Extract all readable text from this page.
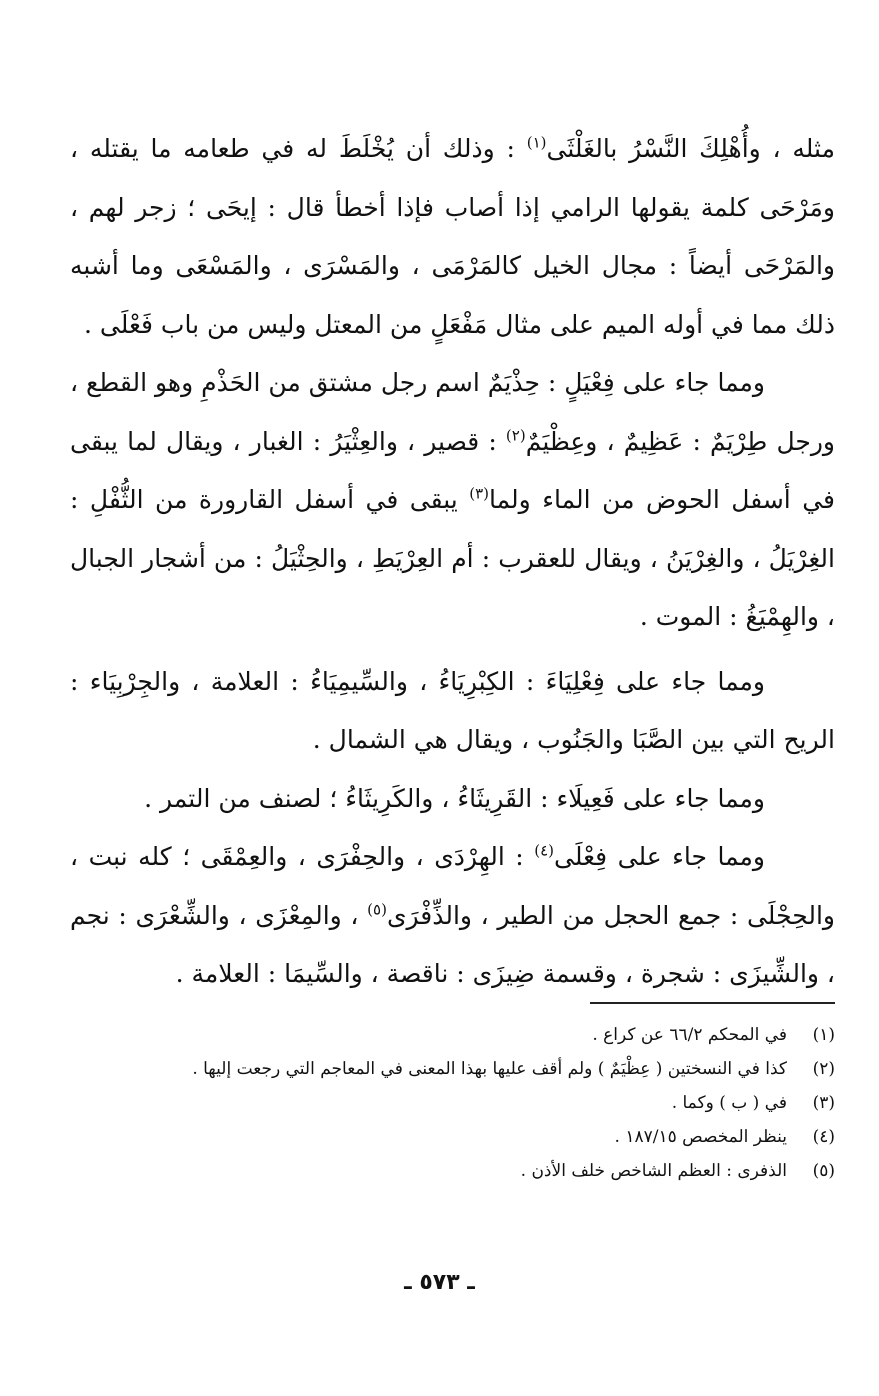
مثله ، وأُهْلِكَ النَّسْرُ بالغَلْثَى$^{(١)}$ : وذلك أن يُخْلَطَ له في طعامه ما يقتله ، ومَرْحَى كلمة يقولها الرامي إذا أصاب فإذا أخطأ قال : إيحَى ؛ زجر لهم ، والمَرْحَى أيضاً : مجال الخيل كالمَرْمَى ، والمَسْرَى ، والمَسْعَى وما أشبه ذلك مما في أوله الميم على مثال مَفْعَلٍ من المعتل وليس من باب فَعْلَى .

ومما جاء على فِعْيَلٍ : حِذْيَمٌ اسم رجل مشتق من الحَذْمِ وهو القطع ، ورجل طِرْيَمٌ : عَظِيمٌ ، وعِظْيَمٌ$^{(٢)}$ : قصير ، والعِثْيَرُ : الغبار ، ويقال لما يبقى في أسفل الحوض من الماء ولما$^{(٣)}$ يبقى في أسفل القارورة من الثُّفْلِ : الغِرْيَلُ ، والغِرْيَنُ ، ويقال للعقرب : أم العِرْيَطِ ، والحِثْيَلُ : من أشجار الجبال ، والهِمْيَغُ : الموت .

ومما جاء على فِعْلِيَاءَ : الكِبْرِيَاءُ ، والسِّيمِيَاءُ : العلامة ، والجِرْبِيَاء : الريح التي بين الصَّبَا والجَنُوب ، ويقال هي الشمال .

ومما جاء على فَعِيلَاء : القَرِيثَاءُ ، والكَرِيثَاءُ ؛ لصنف من التمر .

ومما جاء على فِعْلَى$^{(٤)}$ : الهِرْدَى ، والحِفْرَى ، والعِمْقَى ؛ كله نبت ، والحِجْلَى : جمع الحجل من الطير ، والذِّفْرَى$^{(٥)}$ ، والمِعْزَى ، والشِّعْرَى : نجم ، والشِّيزَى : شجرة ، وقسمة ضِيزَى : ناقصة ، والسِّيمَا : العلامة .

(١)
في المحكم ٦٦/٢ عن كراع .
(٢)
كذا في النسختين ( عِظْيَمٌ ) ولم أقف عليها بهذا المعنى في المعاجم التي رجعت إليها .
(٣)
في ( ب ) وكما .
(٤)
ينظر المخصص ١٨٧/١٥ .
(٥)
الذفرى : العظم الشاخص خلف الأذن .
ـ ٥٧٣ ـ
